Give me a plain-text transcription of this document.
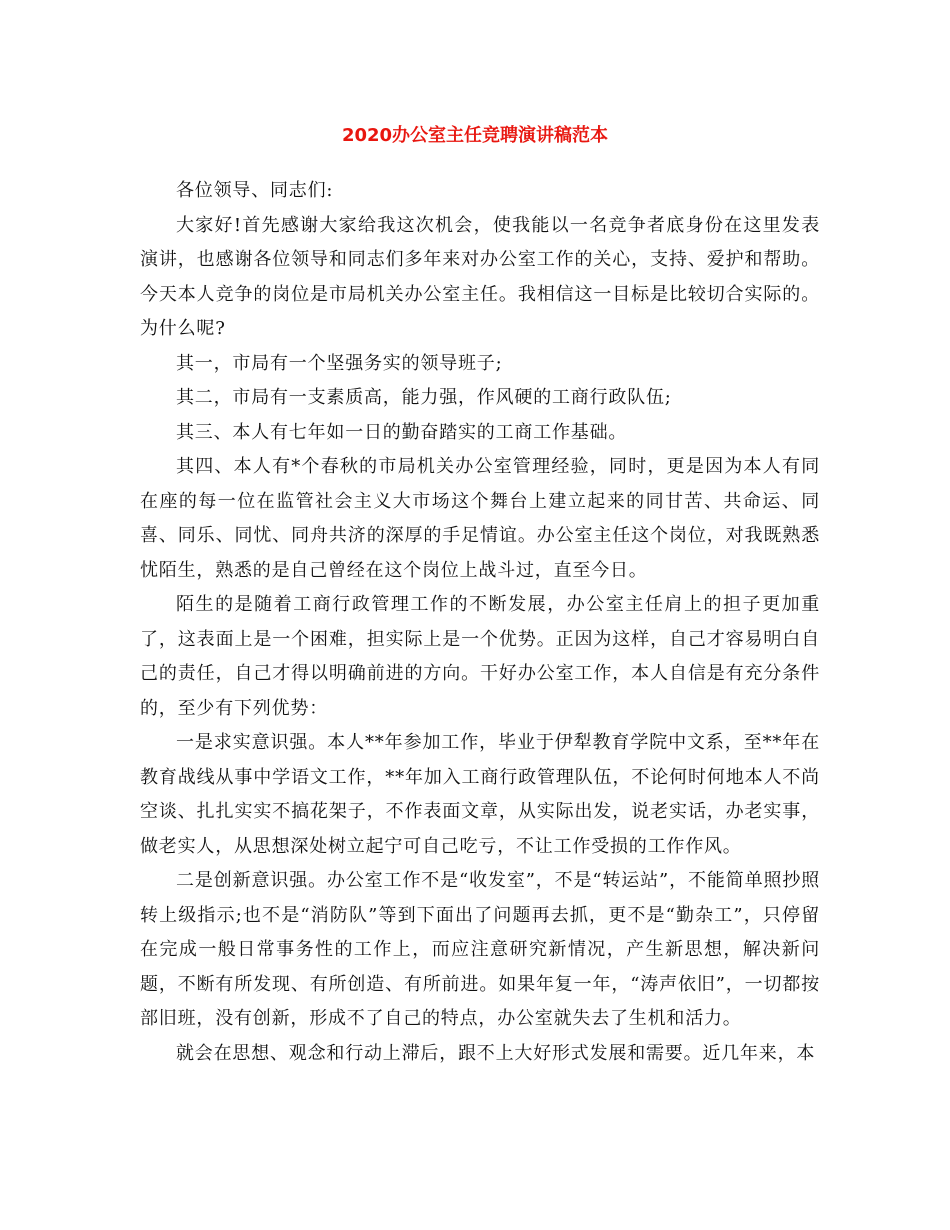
2020办公室主任竞聘演讲稿范本

各位领导、同志们:

大家好!首先感谢大家给我这次机会，使我能以一名竞争者底身份在这里发表演讲，也感谢各位领导和同志们多年来对办公室工作的关心，支持、爱护和帮助。今天本人竞争的岗位是市局机关办公室主任。我相信这一目标是比较切合实际的。为什么呢?

其一，市局有一个坚强务实的领导班子;

其二，市局有一支素质高，能力强，作风硬的工商行政队伍;

其三、本人有七年如一日的勤奋踏实的工商工作基础。

其四、本人有*个春秋的市局机关办公室管理经验，同时，更是因为本人有同在座的每一位在监管社会主义大市场这个舞台上建立起来的同甘苦、共命运、同喜、同乐、同忧、同舟共济的深厚的手足情谊。办公室主任这个岗位，对我既熟悉忧陌生，熟悉的是自己曾经在这个岗位上战斗过，直至今日。

陌生的是随着工商行政管理工作的不断发展，办公室主任肩上的担子更加重了，这表面上是一个困难，担实际上是一个优势。正因为这样，自己才容易明白自己的责任，自己才得以明确前进的方向。干好办公室工作，本人自信是有充分条件的，至少有下列优势：

一是求实意识强。本人**年参加工作，毕业于伊犁教育学院中文系，至**年在教育战线从事中学语文工作，**年加入工商行政管理队伍，不论何时何地本人不尚空谈、扎扎实实不搞花架子，不作表面文章，从实际出发，说老实话，办老实事，做老实人，从思想深处树立起宁可自己吃亏，不让工作受损的工作作风。

二是创新意识强。办公室工作不是“收发室”，不是“转运站”，不能简单照抄照转上级指示;也不是“消防队”等到下面出了问题再去抓，更不是“勤杂工”，只停留在完成一般日常事务性的工作上，而应注意研究新情况，产生新思想，解决新问题，不断有所发现、有所创造、有所前进。如果年复一年，“涛声依旧”，一切都按部旧班，没有创新，形成不了自己的特点，办公室就失去了生机和活力。

就会在思想、观念和行动上滞后，跟不上大好形式发展和需要。近几年来，本
